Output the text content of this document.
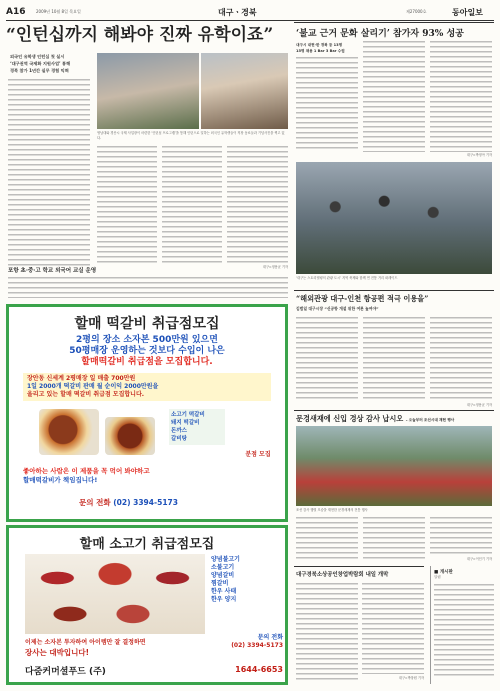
A16	2009년 10월 8일 목요일	대구ㆍ경북	제27000호	동아일보
“인턴십까지 해봐야 진짜 유학이죠”
외국인 유학생 인턴십 첫 실시
‘대구권역 국제화 지원사업’ 통해
경북 참가 1년간 실무 경험 익혀
영남대와 경산시 국제 사업장이 마련한 ‘인턴십 프로그램’을 통해 인턴으로 일하는 외국인 유학생들이 직장 동료들과 기념사진을 찍고 있다.
대구=정용균 기자
포항 초·중·고 학교 외국어 교실 운영
‘불교 근거 문화 살리기’ 참가자 93% 성공
대구시 대현·한 경북 등 13명
15명 채용 1 Bar 3 Bar 수립
대구=박정아 기자
‘대구는 스토리텔링의 관광 도시’ 지역 축제와 함께 연 전통 거리 퍼레이드
“해외관광 대구-인천 항공편 적극 이용을”
김범일 대구시장 “신공항 개설 위한 여론 높여야”
대구=정용균 기자
문경새재에 신입 경상 감사 납시오 – 오늘부터 조선시대 재현 행사
조선 감사 행렬 모습을 재현한 문경새재의 전통 행사
대구=이인기 기자
대구경북소상공인창업박람회 내일 개막
대구=박창원 기자
■ 개시판
알림
할매 떡갈비 취급점모집
2평의 장소 소자본 500만원 있으면
50평매장 운영하는 것보다 수입이 나은
할매떡갈비 취급점을 모집합니다.
장안동 신세계 2평매장 일 매출 700만원
1일 2000개 떡갈비 판매 월 순이익 2000만원을
올리고 있는 할매 떡갈비 취급점 모집합니다.
소고기 떡갈비
돼지 떡갈비
돈까스
갈비탕
분점 모집
좋아하는 사람은 이 제품을 꼭 먹어 봐야하고
할매떡갈비가 책임집니다!
문의 전화 (02) 3394-5173
할매 소고기 취급점모집
양념불고기
소불고기
양념갈비
찜갈비
한우 사태
한우 양지
이제는 소자본 투자하여 아이템만 잘 결정하면
장사는 대박입니다!
문의 전화
(02) 3394-5173
다줌커머셜푸드 (주)	1644-6653
